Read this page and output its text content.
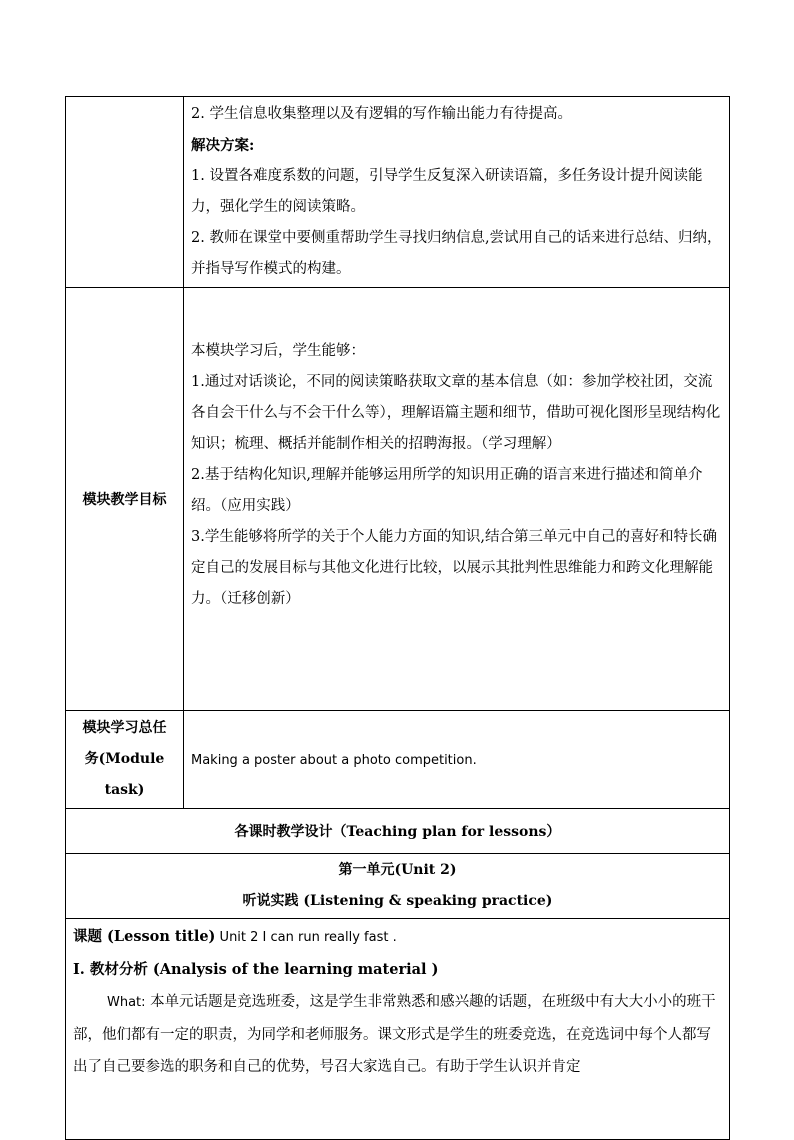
	2. 学生信息收集整理以及有逻辑的写作输出能力有待提高。

解决方案:

1. 设置各难度系数的问题，引导学生反复深入研读语篇，多任务设计提升阅读能力，强化学生的阅读策略。

2. 教师在课堂中要侧重帮助学生寻找归纳信息,尝试用自己的话来进行总结、归纳，并指导写作模式的构建。

模块教学目标	本模块学习后，学生能够：

1.通过对话谈论，不同的阅读策略获取文章的基本信息（如：参加学校社团，交流各自会干什么与不会干什么等），理解语篇主题和细节，借助可视化图形呈现结构化知识；梳理、概括并能制作相关的招聘海报。（学习理解）

2.基于结构化知识,理解并能够运用所学的知识用正确的语言来进行描述和简单介绍。（应用实践）

3.学生能够将所学的关于个人能力方面的知识,结合第三单元中自己的喜好和特长确定自己的发展目标与其他文化进行比较，以展示其批判性思维能力和跨文化理解能力。（迁移创新）

模块学习总任
务(Module
task)	Making a poster about a photo competition.
各课时教学设计（Teaching plan for lessons）	

第一单元(Unit 2)
听说实践 (Listening & speaking practice)	

课题 (Lesson title) Unit 2 I can run really fast .

I. 教材分析 (Analysis of the learning material )

What: 本单元话题是竞选班委，这是学生非常熟悉和感兴趣的话题，在班级中有大大小小的班干部，他们都有一定的职责，为同学和老师服务。课文形式是学生的班委竞选，在竞选词中每个人都写出了自己要参选的职务和自己的优势，号召大家选自己。有助于学生认识并肯定	
